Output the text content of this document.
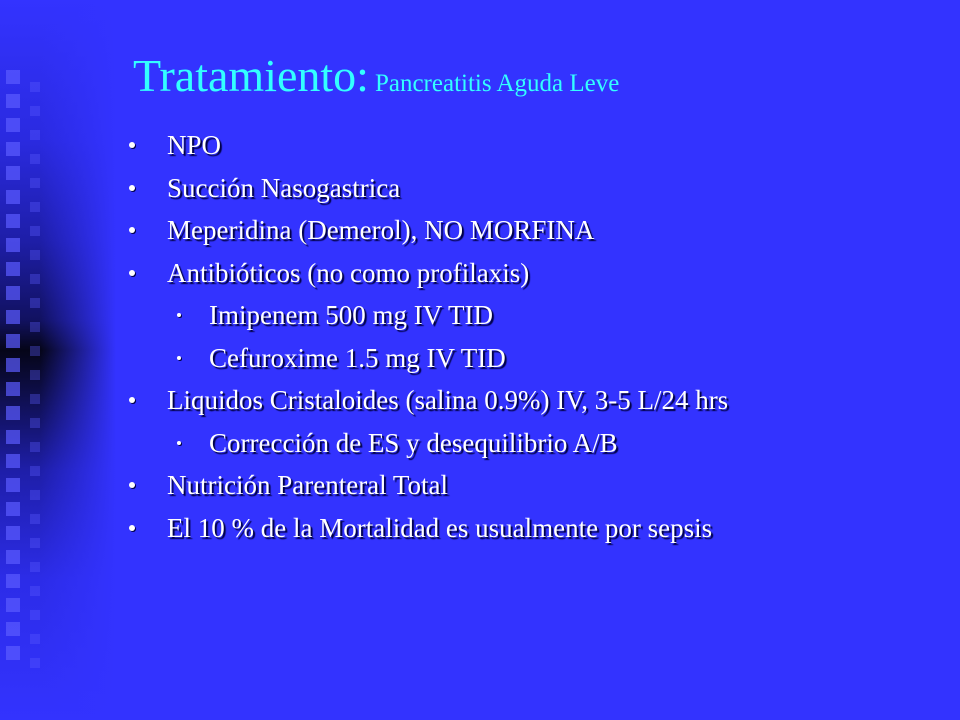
Tratamiento: Pancreatitis Aguda Leve
NPO
Succión Nasogastrica
Meperidina (Demerol), NO MORFINA
Antibióticos (no como profilaxis)
Imipenem 500 mg IV TID
Cefuroxime 1.5 mg IV TID
Liquidos Cristaloides (salina 0.9%) IV, 3-5 L/24 hrs
Corrección de ES y desequilibrio A/B
Nutrición Parenteral Total
El 10 % de la Mortalidad es usualmente por sepsis
